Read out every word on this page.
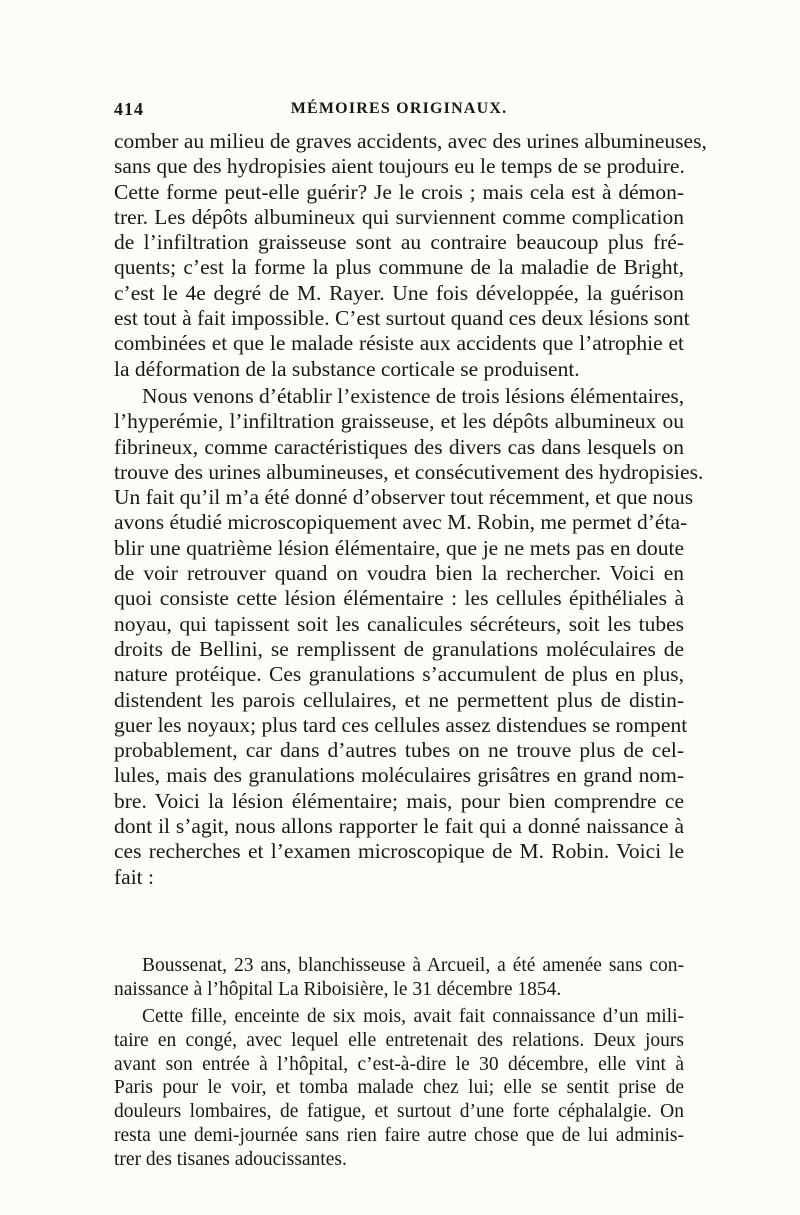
414	MÉMOIRES ORIGINAUX.
comber au milieu de graves accidents, avec des urines albumineuses,
sans que des hydropisies aient toujours eu le temps de se produire.
Cette forme peut-elle guérir? Je le crois ; mais cela est à démon-
trer. Les dépôts albumineux qui surviennent comme complication
de l’infiltration graisseuse sont au contraire beaucoup plus fré-
quents; c’est la forme la plus commune de la maladie de Bright,
c’est le 4e degré de M. Rayer. Une fois développée, la guérison
est tout à fait impossible. C’est surtout quand ces deux lésions sont
combinées et que le malade résiste aux accidents que l’atrophie et
la déformation de la substance corticale se produisent.
Nous venons d’établir l’existence de trois lésions élémentaires,
l’hyperémie, l’infiltration graisseuse, et les dépôts albumineux ou
fibrineux, comme caractéristiques des divers cas dans lesquels on
trouve des urines albumineuses, et consécutivement des hydropisies.
Un fait qu’il m’a été donné d’observer tout récemment, et que nous
avons étudié microscopiquement avec M. Robin, me permet d’éta-
blir une quatrième lésion élémentaire, que je ne mets pas en doute
de voir retrouver quand on voudra bien la rechercher. Voici en
quoi consiste cette lésion élémentaire : les cellules épithéliales à
noyau, qui tapissent soit les canalicules sécréteurs, soit les tubes
droits de Bellini, se remplissent de granulations moléculaires de
nature protéique. Ces granulations s’accumulent de plus en plus,
distendent les parois cellulaires, et ne permettent plus de distin-
guer les noyaux; plus tard ces cellules assez distendues se rompent
probablement, car dans d’autres tubes on ne trouve plus de cel-
lules, mais des granulations moléculaires grisâtres en grand nom-
bre. Voici la lésion élémentaire; mais, pour bien comprendre ce
dont il s’agit, nous allons rapporter le fait qui a donné naissance à
ces recherches et l’examen microscopique de M. Robin. Voici le
fait :
Boussenat, 23 ans, blanchisseuse à Arcueil, a été amenée sans con-
naissance à l’hôpital La Riboisière, le 31 décembre 1854.
Cette fille, enceinte de six mois, avait fait connaissance d’un mili-
taire en congé, avec lequel elle entretenait des relations. Deux jours
avant son entrée à l’hôpital, c’est-à-dire le 30 décembre, elle vint à
Paris pour le voir, et tomba malade chez lui; elle se sentit prise de
douleurs lombaires, de fatigue, et surtout d’une forte céphalalgie. On
resta une demi-journée sans rien faire autre chose que de lui adminis-
trer des tisanes adoucissantes.
